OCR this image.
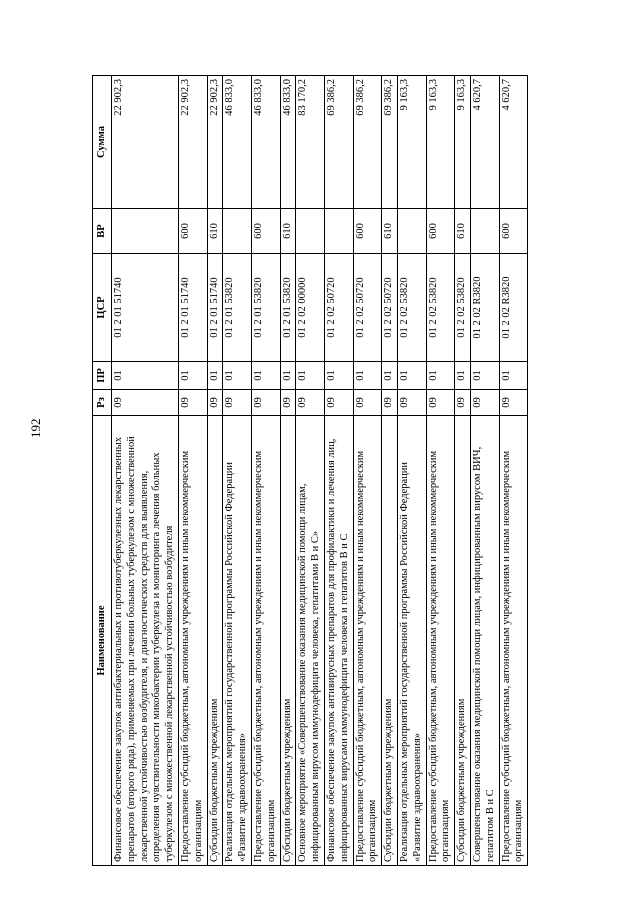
192
Наименование	Рз	ПР	ЦСР	ВР	Сумма
Финансовое обеспечение закупок антибактериальных и противотуберкулезных лекарственных препаратов (второго ряда), применяемых при лечении больных туберкулезом с множественной лекарственной устойчивостью возбудителя, и диагностических средств для выявления, определения чувствительности микобактерии туберкулеза и мониторинга лечения больных туберкулезом с множественной лекарственной устойчивостью возбудителя	09	01	01 2 01 51740		22 902,3
Предоставление субсидий бюджетным, автономным учреждениям и иным некоммерческим организациям	09	01	01 2 01 51740	600	22 902,3
Субсидии бюджетным учреждениям	09	01	01 2 01 51740	610	22 902,3
Реализация отдельных мероприятий государственной программы Российской Федерации «Развитие здравоохранения»	09	01	01 2 01 53820		46 833,0
Предоставление субсидий бюджетным, автономным учреждениям и иным некоммерческим организациям	09	01	01 2 01 53820	600	46 833,0
Субсидии бюджетным учреждениям	09	01	01 2 01 53820	610	46 833,0
Основное мероприятие «Совершенствование оказания медицинской помощи лицам, инфицированным вирусом иммунодефицита человека, гепатитами В и С»	09	01	01 2 02 00000		83 170,2
Финансовое обеспечение закупок антивирусных препаратов для профилактики и лечения лиц, инфицированных вирусами иммунодефицита человека и гепатитов В и С	09	01	01 2 02 50720		69 386,2
Предоставление субсидий бюджетным, автономным учреждениям и иным некоммерческим организациям	09	01	01 2 02 50720	600	69 386,2
Субсидии бюджетным учреждениям	09	01	01 2 02 50720	610	69 386,2
Реализация отдельных мероприятий государственной программы Российской Федерации «Развитие здравоохранения»	09	01	01 2 02 53820		9 163,3
Предоставление субсидий бюджетным, автономным учреждениям и иным некоммерческим организациям	09	01	01 2 02 53820	600	9 163,3
Субсидии бюджетным учреждениям	09	01	01 2 02 53820	610	9 163,3
Совершенствование оказания медицинской помощи лицам, инфицированным вирусом ВИЧ, гепатитом В и С	09	01	01 2 02 R3820		4 620,7
Предоставление субсидий бюджетным, автономным учреждениям и иным некоммерческим организациям	09	01	01 2 02 R3820	600	4 620,7
